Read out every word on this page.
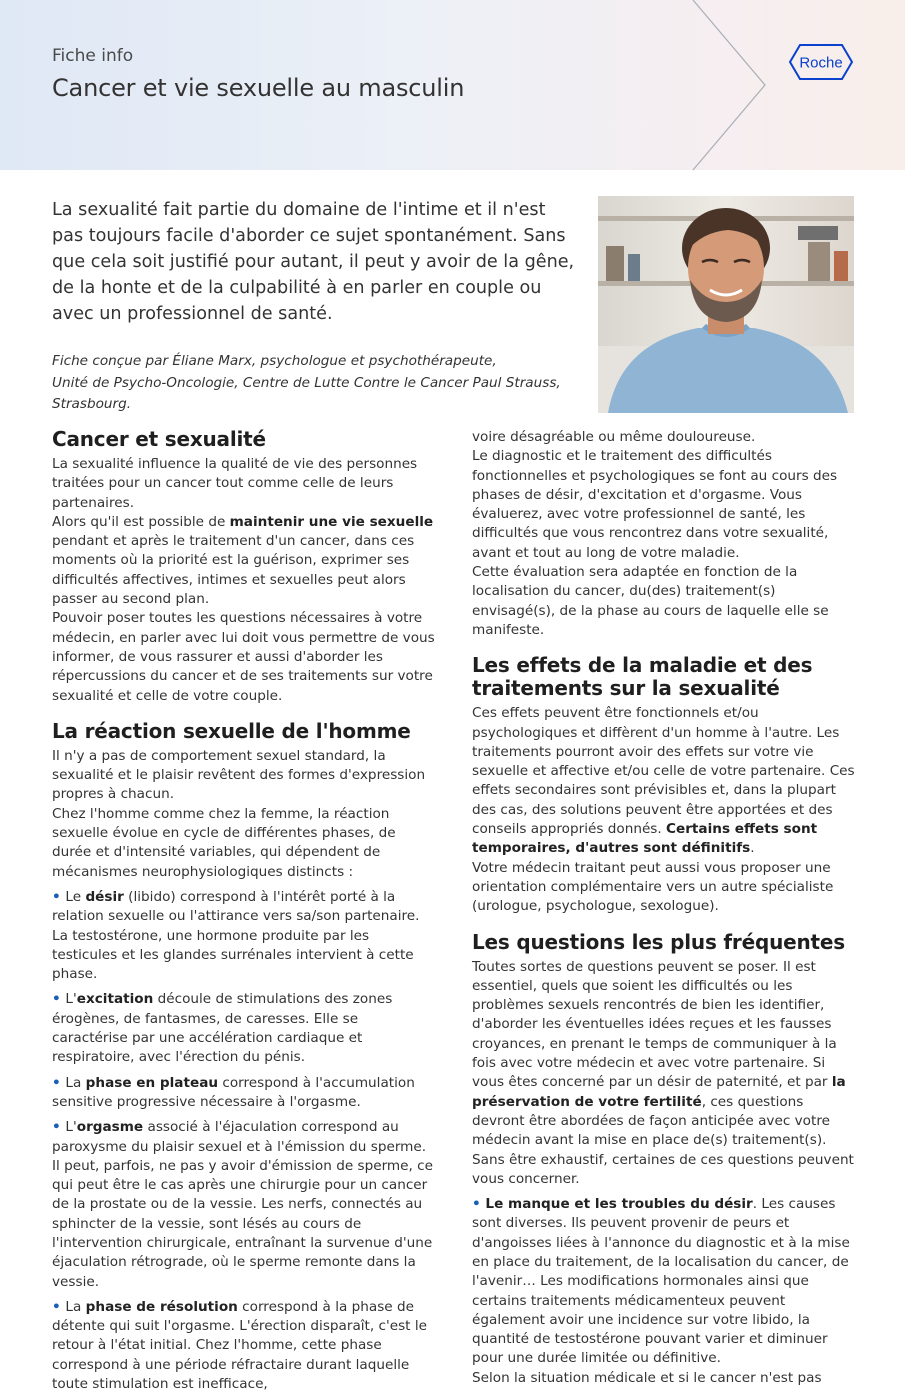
Fiche info
Cancer et vie sexuelle au masculin
Roche
La sexualité fait partie du domaine de l'intime et il n'est pas toujours facile d'aborder ce sujet spontanément. Sans que cela soit justifié pour autant, il peut y avoir de la gêne, de la honte et de la culpabilité à en parler en couple ou avec un professionnel de santé.
Fiche conçue par Éliane Marx, psychologue et psychothérapeute,
Unité de Psycho-Oncologie, Centre de Lutte Contre le Cancer Paul Strauss,
Strasbourg.
Cancer et sexualité

La sexualité influence la qualité de vie des personnes traitées pour un cancer tout comme celle de leurs partenaires.

Alors qu'il est possible de maintenir une vie sexuelle pendant et après le traitement d'un cancer, dans ces moments où la priorité est la guérison, exprimer ses difficultés affectives, intimes et sexuelles peut alors passer au second plan.

Pouvoir poser toutes les questions nécessaires à votre médecin, en parler avec lui doit vous permettre de vous informer, de vous rassurer et aussi d'aborder les répercussions du cancer et de ses traitements sur votre sexualité et celle de votre couple.

La réaction sexuelle de l'homme

Il n'y a pas de comportement sexuel standard, la sexualité et le plaisir revêtent des formes d'expression propres à chacun.

Chez l'homme comme chez la femme, la réaction sexuelle évolue en cycle de différentes phases, de durée et d'intensité variables, qui dépendent de mécanismes neurophysiologiques distincts :

• Le désir (libido) correspond à l'intérêt porté à la relation sexuelle ou l'attirance vers sa/son partenaire. La testostérone, une hormone produite par les testicules et les glandes surrénales intervient à cette phase.

• L'excitation découle de stimulations des zones érogènes, de fantasmes, de caresses. Elle se caractérise par une accélération cardiaque et respiratoire, avec l'érection du pénis.

• La phase en plateau correspond à l'accumulation sensitive progressive nécessaire à l'orgasme.

• L'orgasme associé à l'éjaculation correspond au paroxysme du plaisir sexuel et à l'émission du sperme. Il peut, parfois, ne pas y avoir d'émission de sperme, ce qui peut être le cas après une chirurgie pour un cancer de la prostate ou de la vessie. Les nerfs, connectés au sphincter de la vessie, sont lésés au cours de l'intervention chirurgicale, entraînant la survenue d'une éjaculation rétrograde, où le sperme remonte dans la vessie.

• La phase de résolution correspond à la phase de détente qui suit l'orgasme. L'érection disparaît, c'est le retour à l'état initial. Chez l'homme, cette phase correspond à une période réfractaire durant laquelle toute stimulation est inefficace,

voire désagréable ou même douloureuse.

Le diagnostic et le traitement des difficultés fonctionnelles et psychologiques se font au cours des phases de désir, d'excitation et d'orgasme. Vous évaluerez, avec votre professionnel de santé, les difficultés que vous rencontrez dans votre sexualité, avant et tout au long de votre maladie.

Cette évaluation sera adaptée en fonction de la localisation du cancer, du(des) traitement(s) envisagé(s), de la phase au cours de laquelle elle se manifeste.

Les effets de la maladie et des traitements sur la sexualité

Ces effets peuvent être fonctionnels et/ou psychologiques et diffèrent d'un homme à l'autre. Les traitements pourront avoir des effets sur votre vie sexuelle et affective et/ou celle de votre partenaire. Ces effets secondaires sont prévisibles et, dans la plupart des cas, des solutions peuvent être apportées et des conseils appropriés donnés. Certains effets sont temporaires, d'autres sont définitifs.

Votre médecin traitant peut aussi vous proposer une orientation complémentaire vers un autre spécialiste (urologue, psychologue, sexologue).

Les questions les plus fréquentes

Toutes sortes de questions peuvent se poser. Il est essentiel, quels que soient les difficultés ou les problèmes sexuels rencontrés de bien les identifier, d'aborder les éventuelles idées reçues et les fausses croyances, en prenant le temps de communiquer à la fois avec votre médecin et avec votre partenaire. Si vous êtes concerné par un désir de paternité, et par la préservation de votre fertilité, ces questions devront être abordées de façon anticipée avec votre médecin avant la mise en place de(s) traitement(s). Sans être exhaustif, certaines de ces questions peuvent vous concerner.

• Le manque et les troubles du désir. Les causes sont diverses. Ils peuvent provenir de peurs et d'angoisses liées à l'annonce du diagnostic et à la mise en place du traitement, de la localisation du cancer, de l'avenir… Les modifications hormonales ainsi que certains traitements médicamenteux peuvent également avoir une incidence sur votre libido, la quantité de testostérone pouvant varier et diminuer pour une durée limitée ou définitive.

Selon la situation médicale et si le cancer n'est pas
